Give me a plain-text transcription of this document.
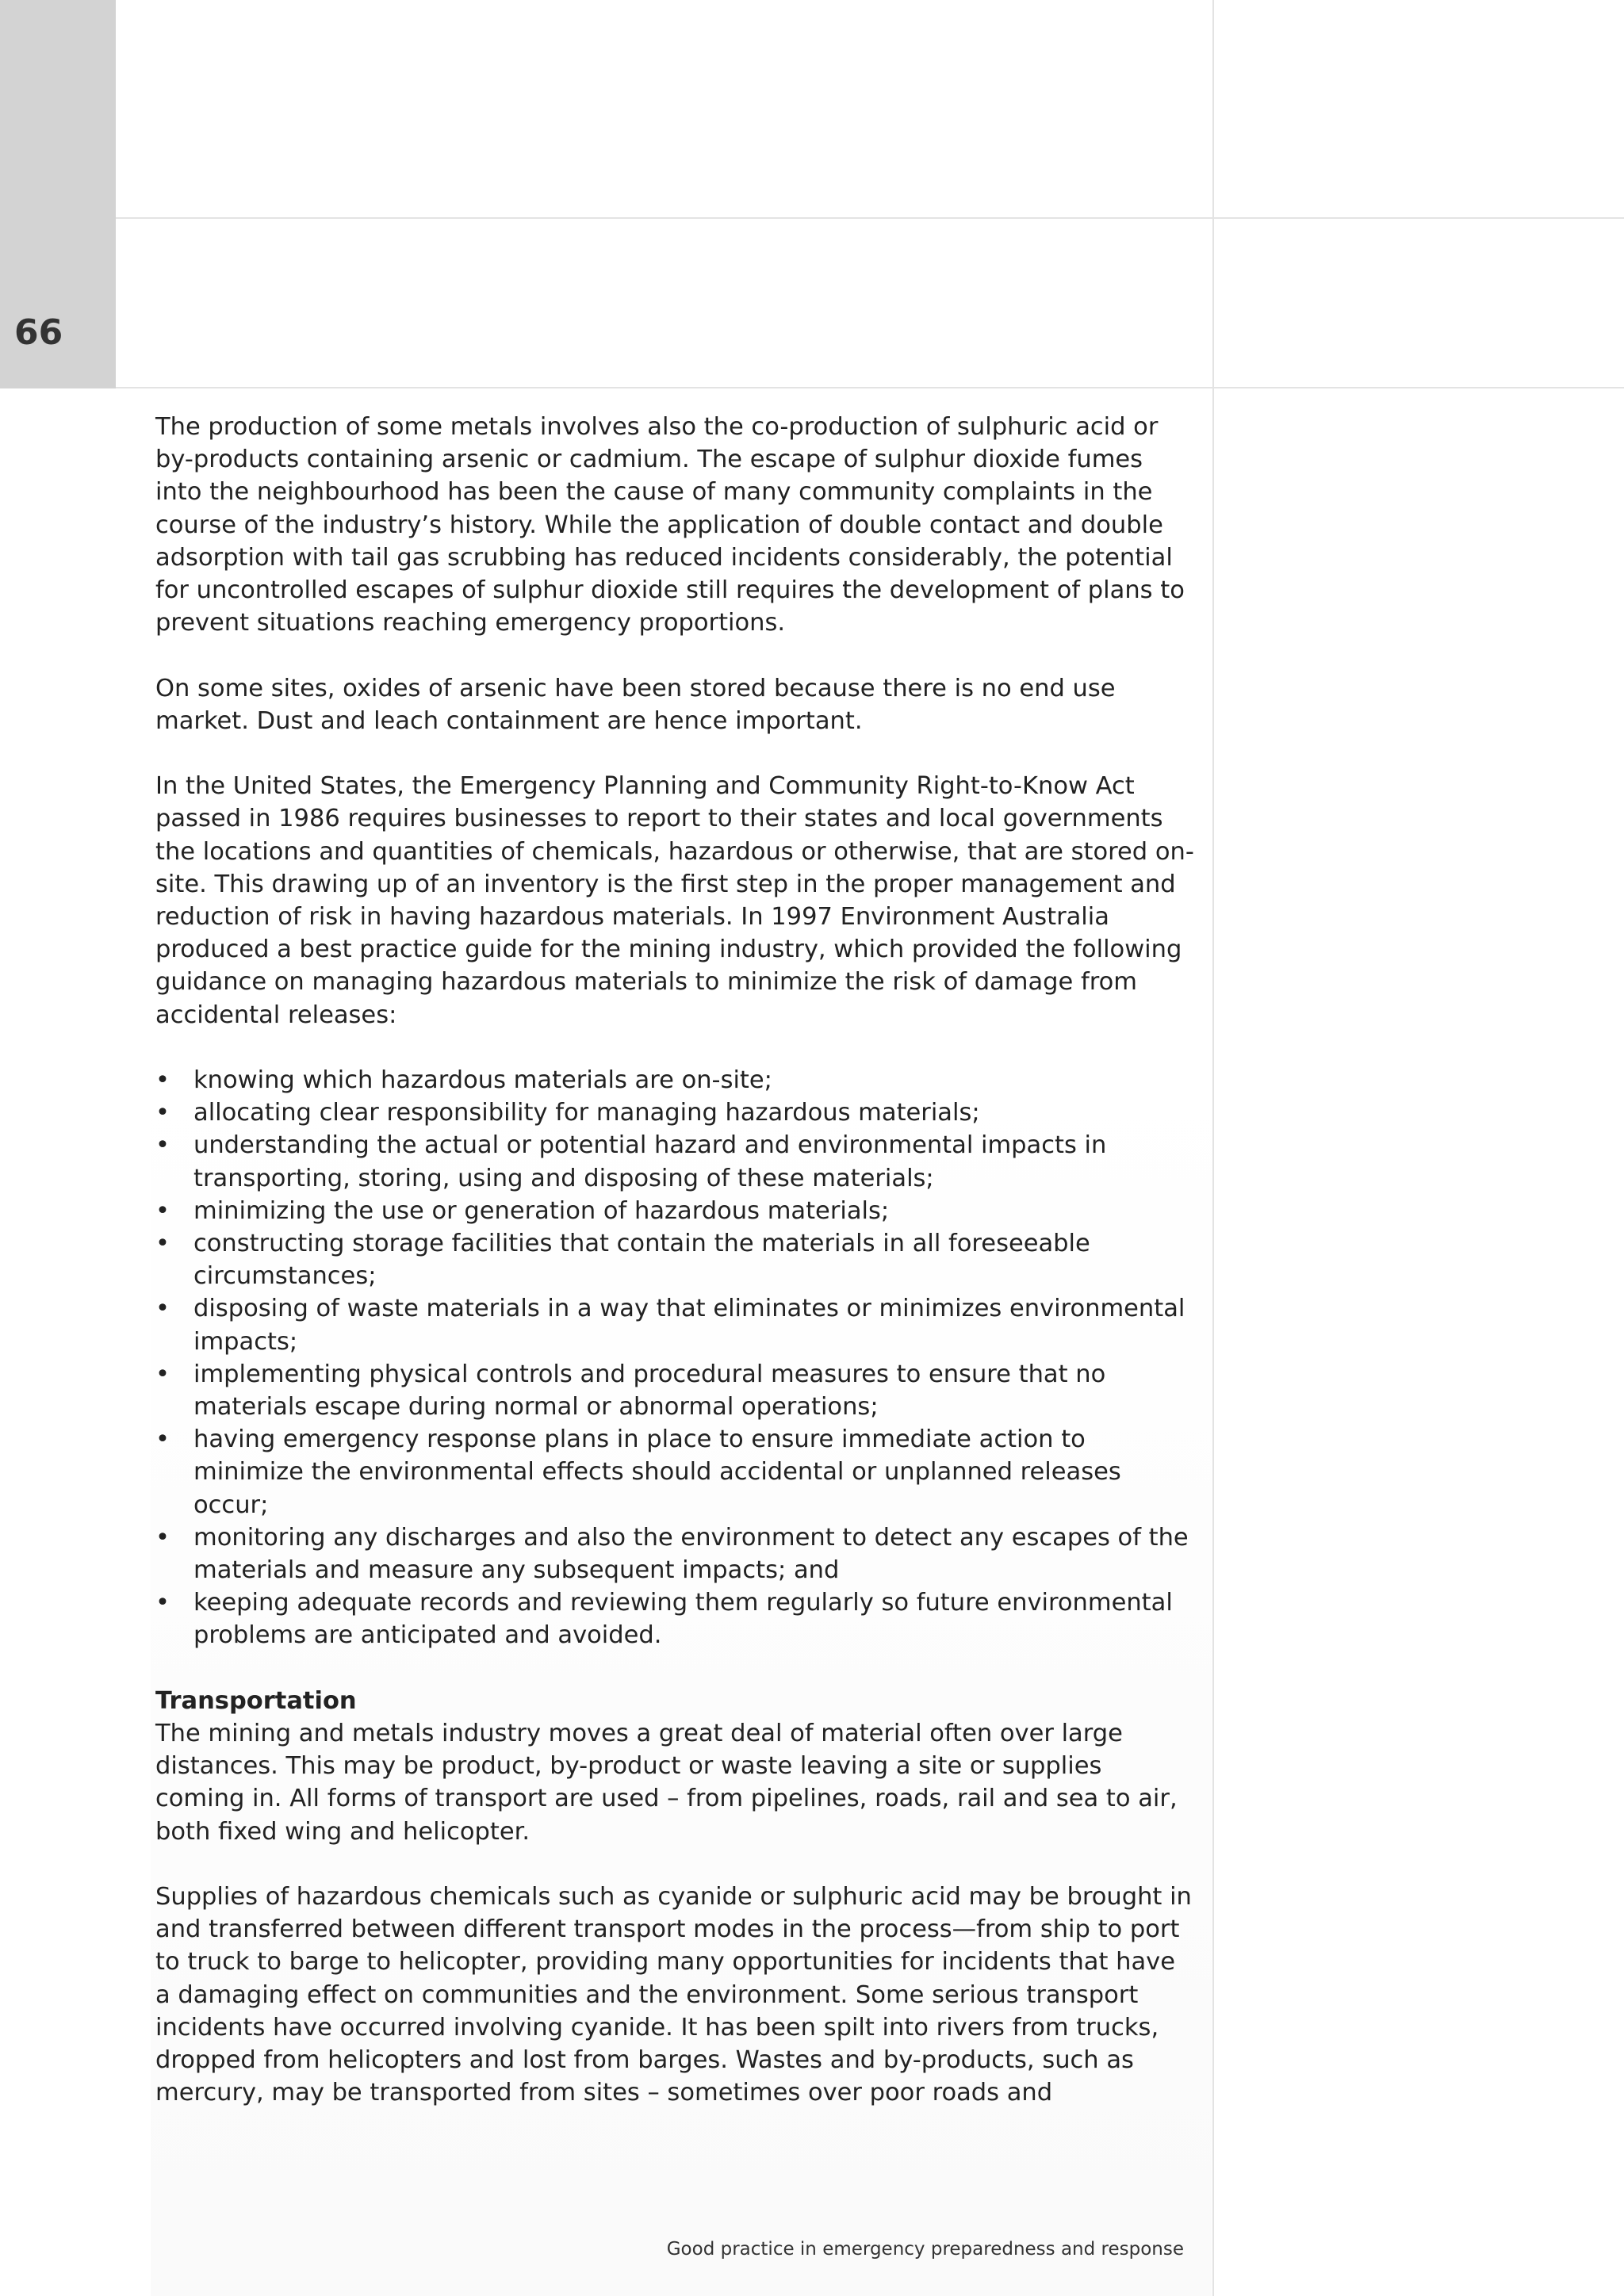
66

The production of some metals involves also the co-production of sulphuric acid or by-products containing arsenic or cadmium. The escape of sulphur dioxide fumes into the neighbourhood has been the cause of many community complaints in the course of the industry’s history. While the application of double contact and double adsorption with tail gas scrubbing has reduced incidents considerably, the potential for uncontrolled escapes of sulphur dioxide still requires the development of plans to prevent situations reaching emergency proportions.

On some sites, oxides of arsenic have been stored because there is no end use market. Dust and leach containment are hence important.

In the United States, the Emergency Planning and Community Right-to-Know Act passed in 1986 requires businesses to report to their states and local governments the locations and quantities of chemicals, hazardous or otherwise, that are stored on-site. This drawing up of an inventory is the first step in the proper management and reduction of risk in having hazardous materials. In 1997 Environment Australia produced a best practice guide for the mining industry, which provided the following guidance on managing hazardous materials to minimize the risk of damage from accidental releases:

• knowing which hazardous materials are on-site;
• allocating clear responsibility for managing hazardous materials;
• understanding the actual or potential hazard and environmental impacts in transporting, storing, using and disposing of these materials;
• minimizing the use or generation of hazardous materials;
• constructing storage facilities that contain the materials in all foreseeable circumstances;
• disposing of waste materials in a way that eliminates or minimizes environmental impacts;
• implementing physical controls and procedural measures to ensure that no materials escape during normal or abnormal operations;
• having emergency response plans in place to ensure immediate action to minimize the environmental effects should accidental or unplanned releases occur;
• monitoring any discharges and also the environment to detect any escapes of the materials and measure any subsequent impacts; and
• keeping adequate records and reviewing them regularly so future environmental problems are anticipated and avoided.
Transportation

The mining and metals industry moves a great deal of material often over large distances. This may be product, by-product or waste leaving a site or supplies coming in. All forms of transport are used – from pipelines, roads, rail and sea to air, both fixed wing and helicopter.

Supplies of hazardous chemicals such as cyanide or sulphuric acid may be brought in and transferred between different transport modes in the process—from ship to port to truck to barge to helicopter, providing many opportunities for incidents that have a damaging effect on communities and the environment. Some serious transport incidents have occurred involving cyanide. It has been spilt into rivers from trucks, dropped from helicopters and lost from barges. Wastes and by-products, such as mercury, may be transported from sites – sometimes over poor roads and

Good practice in emergency preparedness and response
